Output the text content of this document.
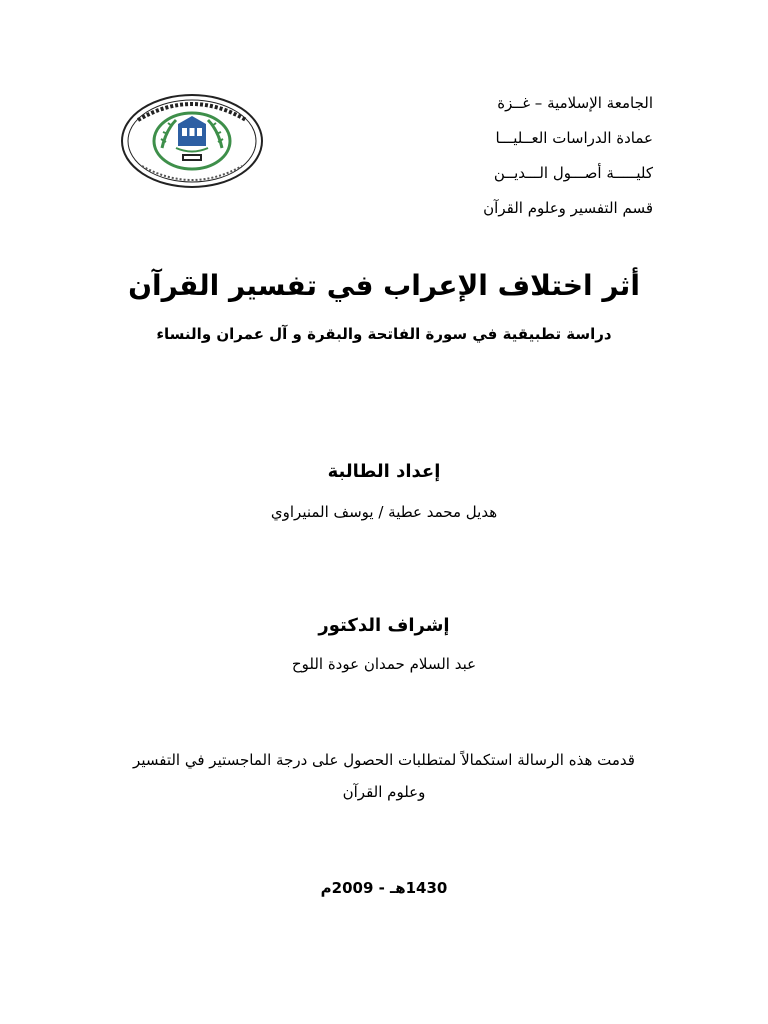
الجامعة الإسلامية – غــزة
عمادة الدراسات العــليـــا
كليـــــة أصـــول الـــديــن
قسم التفسير وعلوم القرآن
أثر اختلاف الإعراب في تفسير القرآن
دراسة تطبيقية في سورة الفاتحة والبقرة و آل عمران والنساء
إعداد الطالبة
هديل محمد عطية / يوسف المنيراوي
إشراف الدكتور
عبد السلام حمدان عودة اللوح
قدمت هذه الرسالة استكمالاً لمتطلبات الحصول على درجة الماجستير في التفسير وعلوم القرآن
1430هـ - 2009م
